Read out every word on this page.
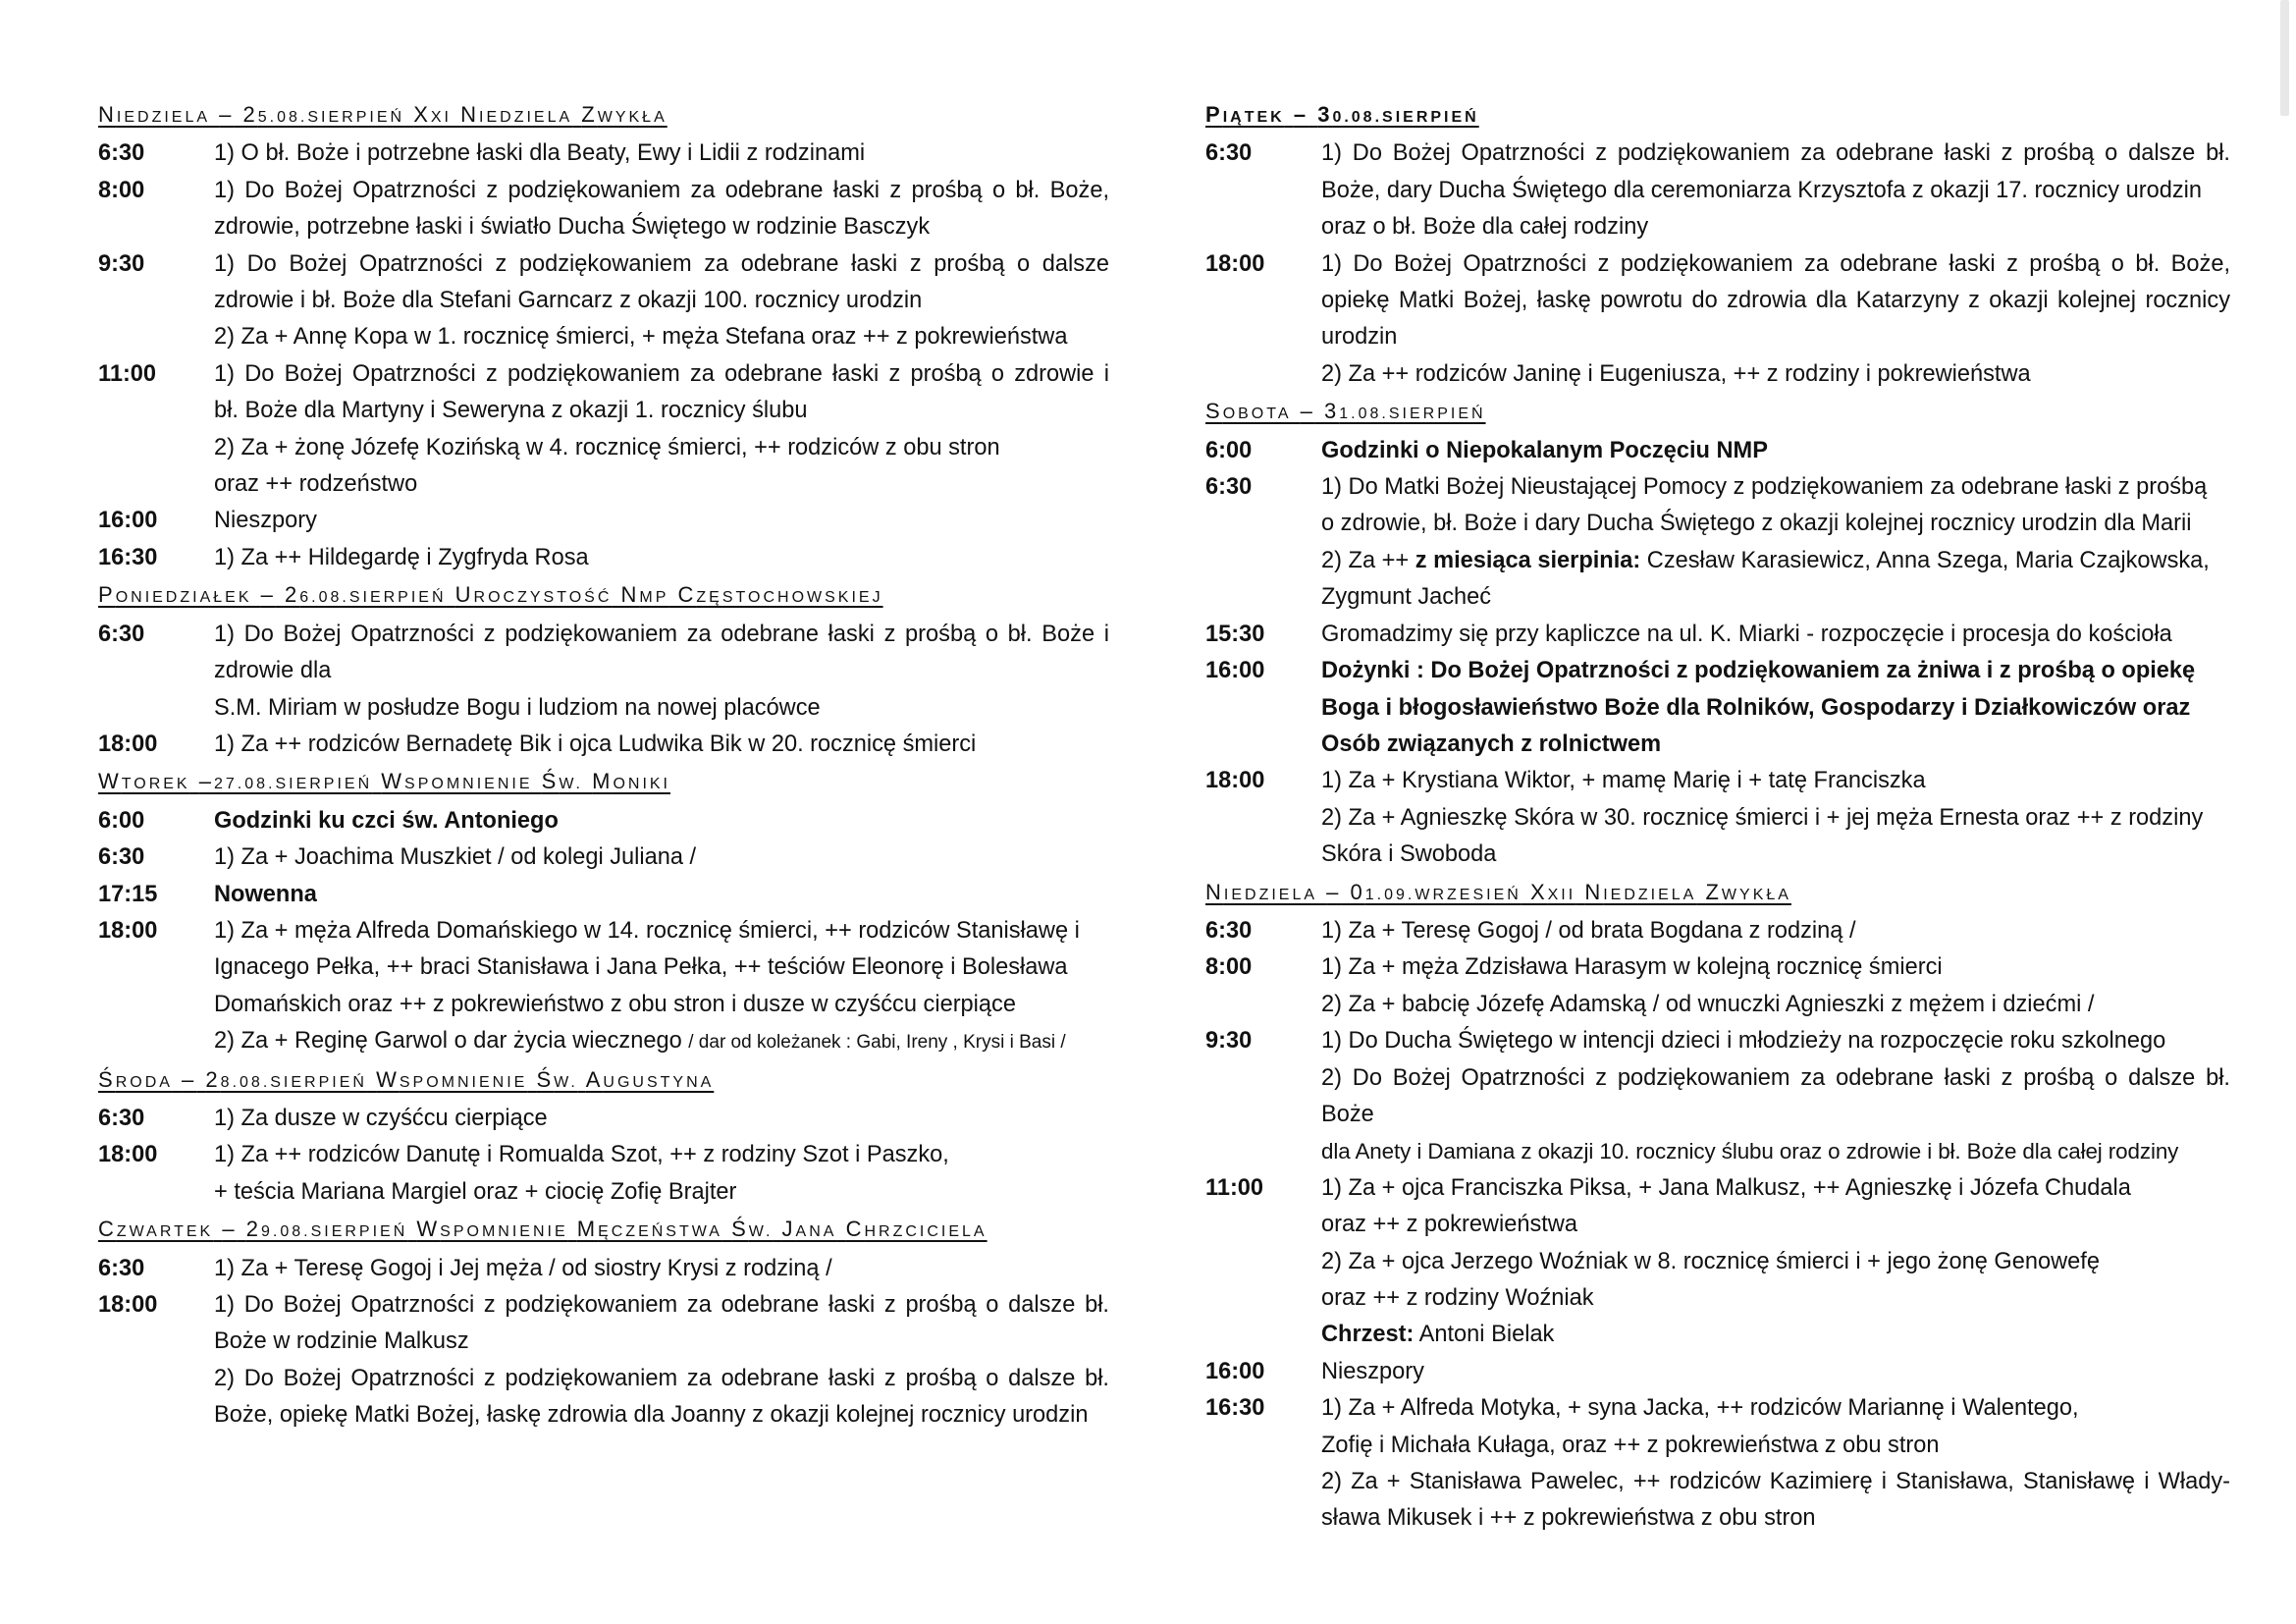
NIEDZIELA – 25.08.SIERPIEŃ XXI NIEDZIELA ZWYKŁA
6:30	1) O bł. Boże i potrzebne łaski dla Beaty, Ewy i Lidii z rodzinami
8:00	1) Do Bożej Opatrzności z podziękowaniem za odebrane łaski z prośbą o bł. Boże,
zdrowie, potrzebne łaski i światło Ducha Świętego w rodzinie Basczyk
9:30	1) Do Bożej Opatrzności z podziękowaniem za odebrane łaski z prośbą o dalsze
zdrowie i bł. Boże dla Stefani Garncarz z okazji 100. rocznicy urodzin
2) Za + Annę Kopa w 1. rocznicę śmierci, + męża Stefana oraz ++ z pokrewieństwa
11:00	1) Do Bożej Opatrzności z podziękowaniem za odebrane łaski z prośbą o zdrowie i
bł. Boże dla Martyny i Seweryna z okazji 1. rocznicy ślubu
2) Za + żonę Józefę Kozińską w 4. rocznicę śmierci, ++ rodziców z obu stron
oraz ++ rodzeństwo
16:00	Nieszpory
16:30	1) Za ++ Hildegardę i Zygfryda Rosa
PONIEDZIAŁEK – 26.08.SIERPIEŃ UROCZYSTOŚĆ NMP CZĘSTOCHOWSKIEJ
6:30	1) Do Bożej Opatrzności z podziękowaniem za odebrane łaski z prośbą o bł. Boże i
zdrowie dla
S.M. Miriam w posłudze Bogu i ludziom na nowej placówce
18:00	1) Za ++ rodziców Bernadetę Bik i ojca Ludwika Bik w 20. rocznicę śmierci
WTOREK –27.08.SIERPIEŃ WSPOMNIENIE ŚW. MONIKI
6:00	Godzinki ku czci św. Antoniego
6:30	1) Za + Joachima Muszkiet / od kolegi Juliana /
17:15	Nowenna
18:00	1) Za + męża Alfreda Domańskiego w 14. rocznicę śmierci, ++ rodziców Stanisławę i
Ignacego Pełka, ++ braci Stanisława i Jana Pełka, ++ teściów Eleonorę i Bolesława
Domańskich oraz ++ z pokrewieństwo z obu stron i dusze w czyśćcu cierpiące
2) Za + Reginę Garwol o dar życia wiecznego / dar od koleżanek : Gabi, Ireny , Krysi i Basi /
ŚRODA – 28.08.SIERPIEŃ WSPOMNIENIE ŚW. AUGUSTYNA
6:30	1) Za dusze w czyśćcu cierpiące
18:00	1) Za ++ rodziców Danutę i Romualda Szot, ++ z rodziny Szot i Paszko,
+ teścia Mariana Margiel oraz + ciocię Zofię Brajter
CZWARTEK – 29.08.SIERPIEŃ WSPOMNIENIE MĘCZEŃSTWA ŚW. JANA CHRZCICIELA
6:30	1) Za + Teresę Gogoj i Jej męża / od siostry Krysi z rodziną /
18:00	1) Do Bożej Opatrzności z podziękowaniem za odebrane łaski z prośbą o dalsze bł.
Boże w rodzinie Malkusz
2) Do Bożej Opatrzności z podziękowaniem za odebrane łaski z prośbą o dalsze bł.
Boże, opiekę Matki Bożej, łaskę zdrowia dla Joanny z okazji kolejnej rocznicy urodzin
PIĄTEK – 30.08.SIERPIEŃ
6:30	1) Do Bożej Opatrzności z podziękowaniem za odebrane łaski z prośbą o dalsze bł.
Boże, dary Ducha Świętego dla ceremoniarza Krzysztofa z okazji 17. rocznicy urodzin
oraz o bł. Boże dla całej rodziny
18:00	1) Do Bożej Opatrzności z podziękowaniem za odebrane łaski z prośbą o bł. Boże,
opiekę Matki Bożej, łaskę powrotu do zdrowia dla Katarzyny z okazji kolejnej rocznicy
urodzin
2) Za ++ rodziców Janinę i Eugeniusza, ++ z rodziny i pokrewieństwa
SOBOTA – 31.08.SIERPIEŃ
6:00	Godzinki o Niepokalanym Poczęciu NMP
6:30	1) Do Matki Bożej Nieustającej Pomocy z podziękowaniem za odebrane łaski z prośbą
o zdrowie, bł. Boże i dary Ducha Świętego z okazji kolejnej rocznicy urodzin dla Marii
2) Za ++ z miesiąca sierpinia: Czesław Karasiewicz, Anna Szega, Maria Czajkowska,
Zygmunt Jacheć
15:30	Gromadzimy się przy kapliczce na ul. K. Miarki - rozpoczęcie i procesja do kościoła
16:00	Dożynki : Do Bożej Opatrzności z podziękowaniem za żniwa i z prośbą o opiekę
Boga i błogosławieństwo Boże dla Rolników, Gospodarzy i Działkowiczów oraz
Osób związanych z rolnictwem
18:00	1) Za + Krystiana Wiktor, + mamę Marię i + tatę Franciszka
2) Za + Agnieszkę Skóra w 30. rocznicę śmierci i + jej męża Ernesta oraz ++ z rodziny
Skóra i Swoboda
NIEDZIELA – 01.09.WRZESIEŃ XXII NIEDZIELA ZWYKŁA
6:30	1) Za + Teresę Gogoj / od brata Bogdana z rodziną /
8:00	1) Za + męża Zdzisława Harasym w kolejną rocznicę śmierci
2) Za + babcię Józefę Adamską / od wnuczki Agnieszki z mężem i dziećmi /
9:30	1) Do Ducha Świętego w intencji dzieci i młodzieży na rozpoczęcie roku szkolnego
2) Do Bożej Opatrzności z podziękowaniem za odebrane łaski z prośbą o dalsze bł. Boże
dla Anety i Damiana z okazji 10. rocznicy ślubu oraz o zdrowie i bł. Boże dla całej rodziny
11:00	1) Za + ojca Franciszka Piksa, + Jana Malkusz, ++ Agnieszkę i Józefa Chudala
oraz ++ z pokrewieństwa
2) Za + ojca Jerzego Woźniak w 8. rocznicę śmierci i + jego żonę Genowefę
oraz ++ z rodziny Woźniak
Chrzest: Antoni Bielak
16:00	Nieszpory
16:30	1) Za + Alfreda Motyka, + syna Jacka, ++ rodziców Mariannę i Walentego,
Zofię i Michała Kułaga, oraz ++ z pokrewieństwa z obu stron
2) Za + Stanisława Pawelec, ++ rodziców Kazimierę i Stanisława, Stanisławę i Włady-
sława Mikusek i ++ z pokrewieństwa z obu stron
